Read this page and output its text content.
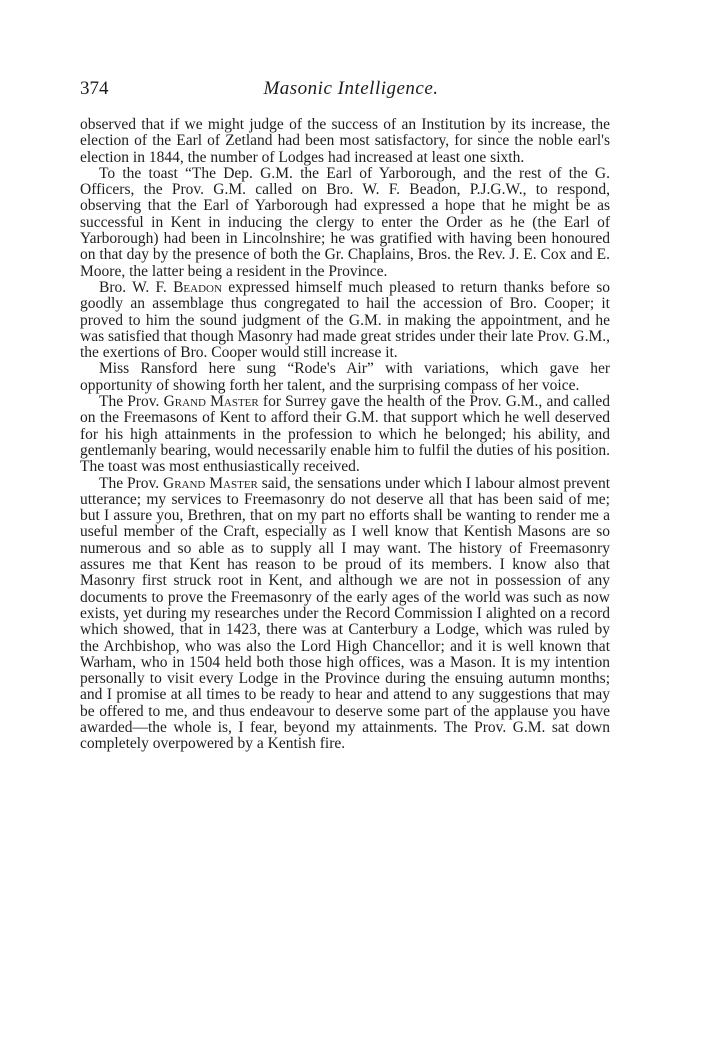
374	Masonic Intelligence.

observed that if we might judge of the success of an Institution by its increase, the election of the Earl of Zetland had been most satisfactory, for since the noble earl's election in 1844, the number of Lodges had increased at least one sixth.

To the toast “The Dep. G.M. the Earl of Yarborough, and the rest of the G. Officers, the Prov. G.M. called on Bro. W. F. Beadon, P.J.G.W., to respond, observing that the Earl of Yarborough had expressed a hope that he might be as successful in Kent in inducing the clergy to enter the Order as he (the Earl of Yarborough) had been in Lincolnshire; he was gratified with having been honoured on that day by the presence of both the Gr. Chaplains, Bros. the Rev. J. E. Cox and E. Moore, the latter being a resident in the Province.

Bro. W. F. Beadon expressed himself much pleased to return thanks before so goodly an assemblage thus congregated to hail the accession of Bro. Cooper; it proved to him the sound judgment of the G.M. in making the appointment, and he was satisfied that though Masonry had made great strides under their late Prov. G.M., the exertions of Bro. Cooper would still increase it.

Miss Ransford here sung “Rode's Air” with variations, which gave her opportunity of showing forth her talent, and the surprising compass of her voice.

The Prov. Grand Master for Surrey gave the health of the Prov. G.M., and called on the Freemasons of Kent to afford their G.M. that support which he well deserved for his high attainments in the profession to which he belonged; his ability, and gentlemanly bearing, would necessarily enable him to fulfil the duties of his position. The toast was most enthusiastically received.

The Prov. Grand Master said, the sensations under which I labour almost prevent utterance; my services to Freemasonry do not deserve all that has been said of me; but I assure you, Brethren, that on my part no efforts shall be wanting to render me a useful member of the Craft, especially as I well know that Kentish Masons are so numerous and so able as to supply all I may want. The history of Freemasonry assures me that Kent has reason to be proud of its members. I know also that Masonry first struck root in Kent, and although we are not in possession of any documents to prove the Freemasonry of the early ages of the world was such as now exists, yet during my researches under the Record Commission I alighted on a record which showed, that in 1423, there was at Canterbury a Lodge, which was ruled by the Archbishop, who was also the Lord High Chancellor; and it is well known that Warham, who in 1504 held both those high offices, was a Mason. It is my intention personally to visit every Lodge in the Province during the ensuing autumn months; and I promise at all times to be ready to hear and attend to any suggestions that may be offered to me, and thus endeavour to deserve some part of the applause you have awarded—the whole is, I fear, beyond my attainments. The Prov. G.M. sat down completely overpowered by a Kentish fire.
